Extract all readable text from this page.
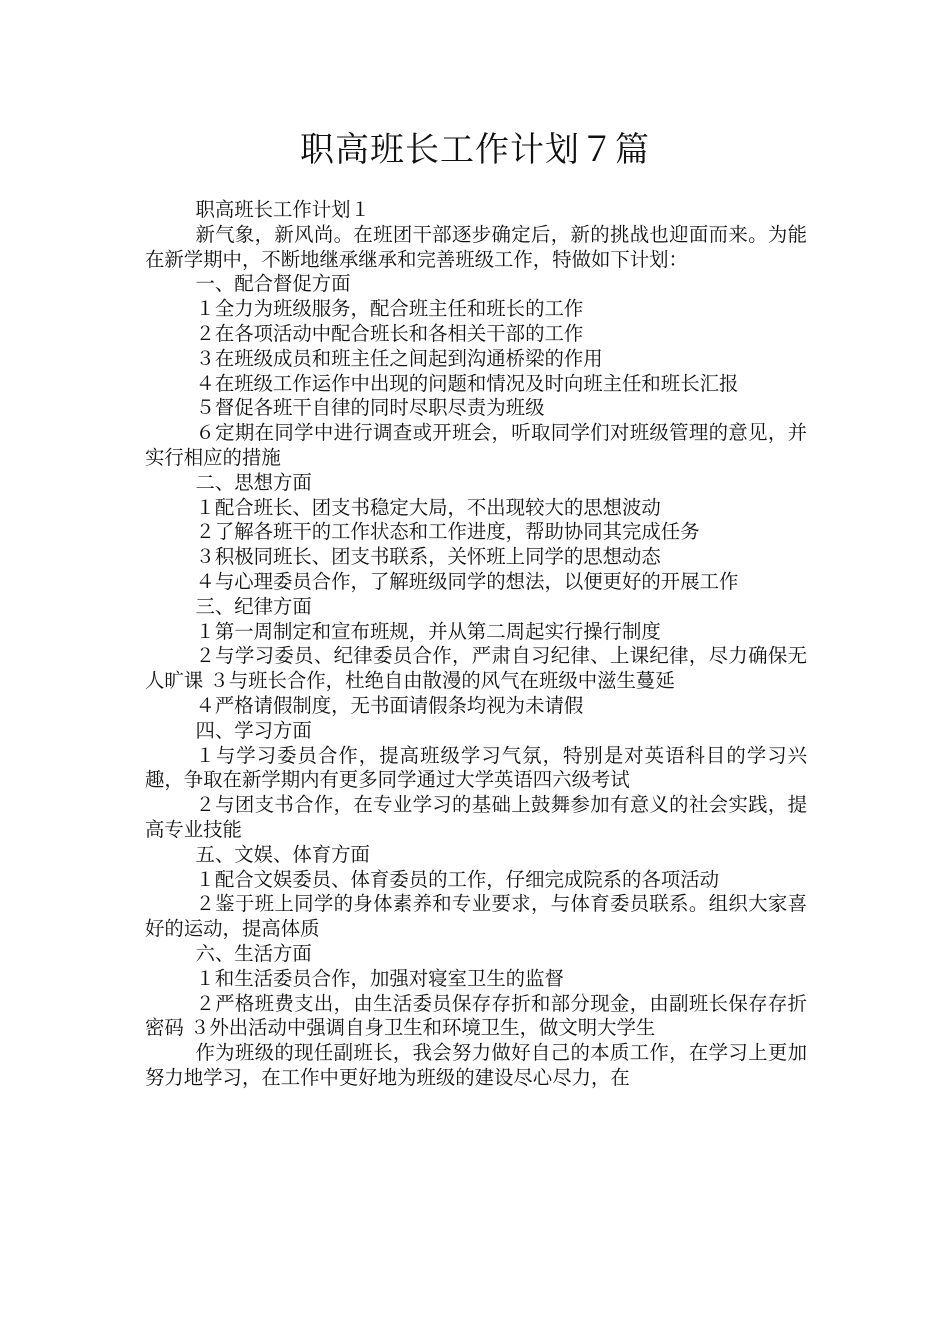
职高班长工作计划７篇

职高班长工作计划１

新气象，新风尚。在班团干部逐步确定后，新的挑战也迎面而来。为能在新学期中，不断地继承继承和完善班级工作，特做如下计划：

一、配合督促方面

１全力为班级服务，配合班主任和班长的工作

２在各项活动中配合班长和各相关干部的工作

３在班级成员和班主任之间起到沟通桥梁的作用

４在班级工作运作中出现的问题和情况及时向班主任和班长汇报

５督促各班干自律的同时尽职尽责为班级

６定期在同学中进行调查或开班会，听取同学们对班级管理的意见，并实行相应的措施

二、思想方面

１配合班长、团支书稳定大局，不出现较大的思想波动

２了解各班干的工作状态和工作进度，帮助协同其完成任务

３积极同班长、团支书联系，关怀班上同学的思想动态

４与心理委员合作，了解班级同学的想法，以便更好的开展工作

三、纪律方面

１第一周制定和宣布班规，并从第二周起实行操行制度

２与学习委员、纪律委员合作，严肃自习纪律、上课纪律，尽力确保无人旷课 ３与班长合作，杜绝自由散漫的风气在班级中滋生蔓延

４严格请假制度，无书面请假条均视为未请假

四、学习方面

１与学习委员合作，提高班级学习气氛，特别是对英语科目的学习兴趣，争取在新学期内有更多同学通过大学英语四六级考试

２与团支书合作，在专业学习的基础上鼓舞参加有意义的社会实践，提高专业技能

五、文娱、体育方面

１配合文娱委员、体育委员的工作，仔细完成院系的各项活动

２鉴于班上同学的身体素养和专业要求，与体育委员联系。组织大家喜好的运动，提高体质

六、生活方面

１和生活委员合作，加强对寝室卫生的监督

２严格班费支出，由生活委员保存存折和部分现金，由副班长保存存折密码 ３外出活动中强调自身卫生和环境卫生，做文明大学生

作为班级的现任副班长，我会努力做好自己的本质工作，在学习上更加努力地学习，在工作中更好地为班级的建设尽心尽力，在
